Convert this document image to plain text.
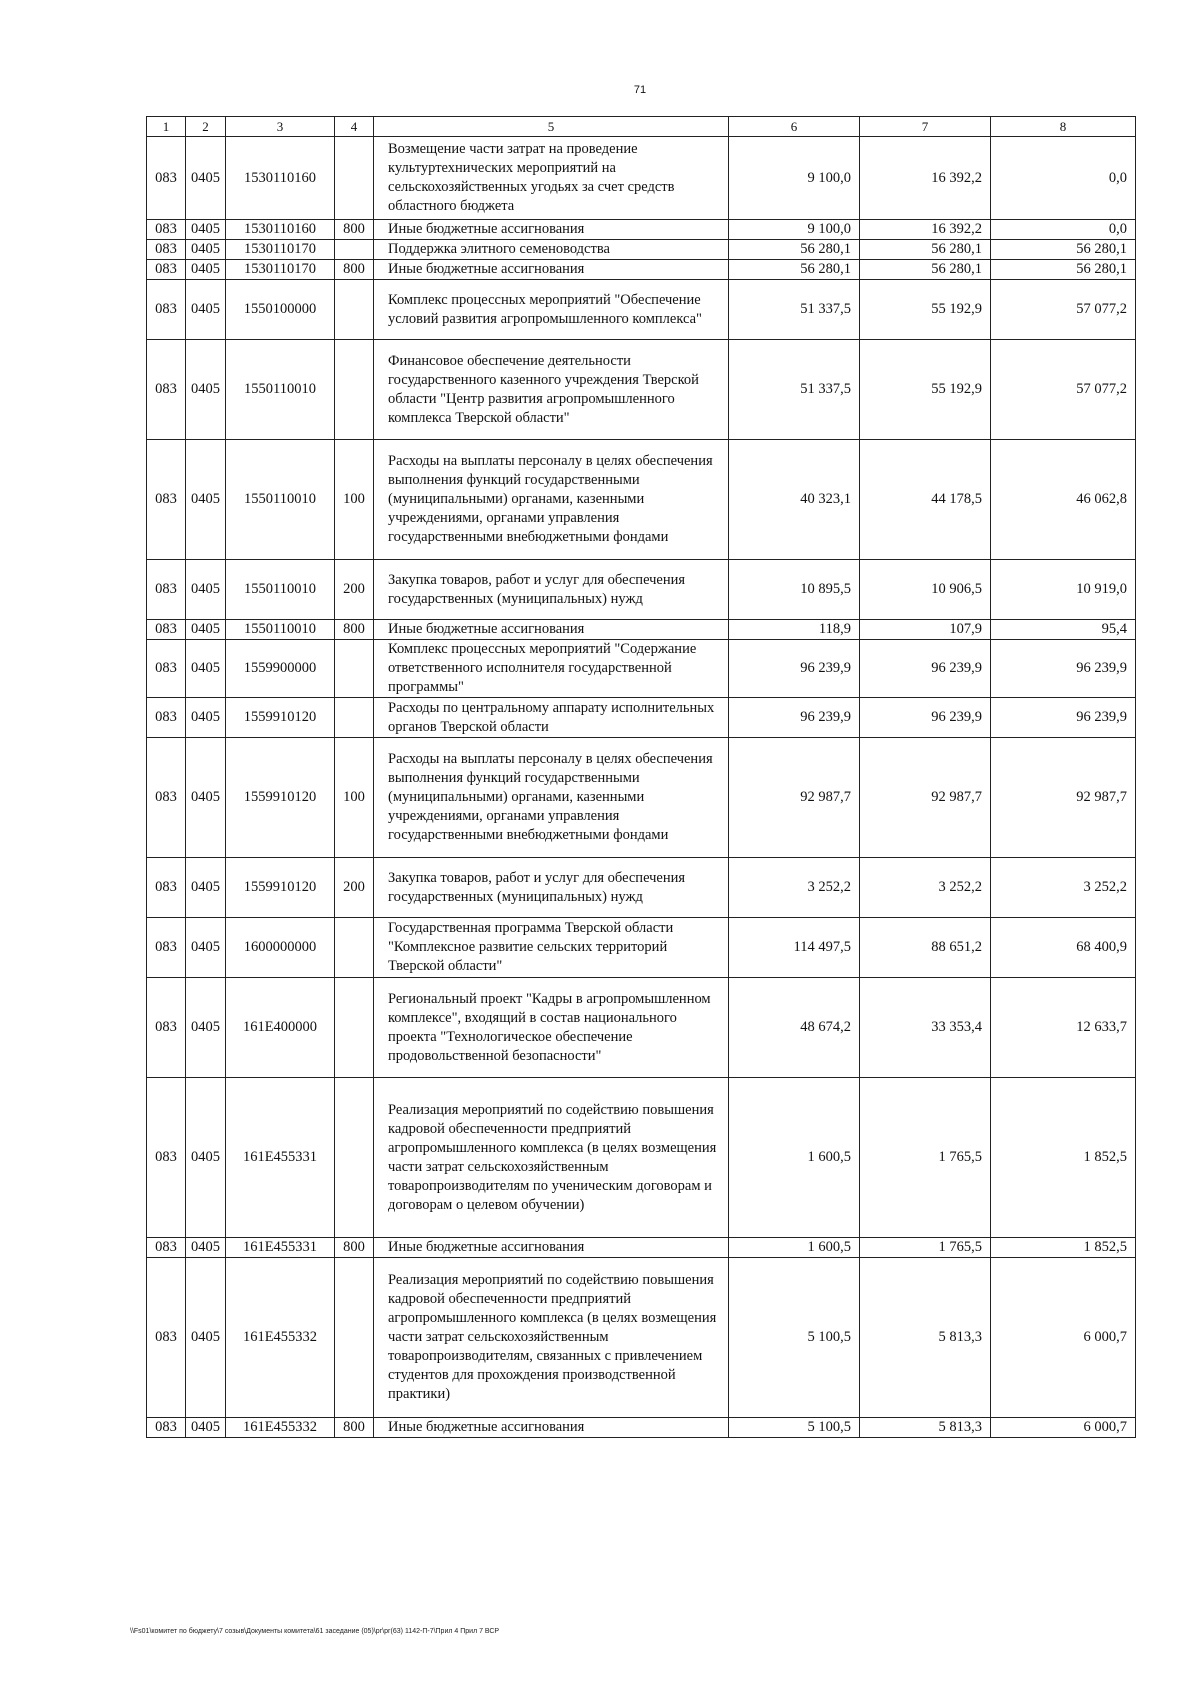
71
1	2	3	4	5	6	7	8
083	0405	1530110160		Возмещение части затрат на проведение культуртехнических мероприятий на сельскохозяйственных угодьях за счет средств областного бюджета	9 100,0	16 392,2	0,0
083	0405	1530110160	800	Иные бюджетные ассигнования	9 100,0	16 392,2	0,0
083	0405	1530110170		Поддержка элитного семеноводства	56 280,1	56 280,1	56 280,1
083	0405	1530110170	800	Иные бюджетные ассигнования	56 280,1	56 280,1	56 280,1
083	0405	1550100000		Комплекс процессных мероприятий "Обеспечение условий развития агропромышленного комплекса"	51 337,5	55 192,9	57 077,2
083	0405	1550110010		Финансовое обеспечение деятельности государственного казенного учреждения Тверской области "Центр развития агропромышленного комплекса Тверской области"	51 337,5	55 192,9	57 077,2
083	0405	1550110010	100	Расходы на выплаты персоналу в целях обеспечения выполнения функций государственными (муниципальными) органами, казенными учреждениями, органами управления государственными внебюджетными фондами	40 323,1	44 178,5	46 062,8
083	0405	1550110010	200	Закупка товаров, работ и услуг для обеспечения государственных (муниципальных) нужд	10 895,5	10 906,5	10 919,0
083	0405	1550110010	800	Иные бюджетные ассигнования	118,9	107,9	95,4
083	0405	1559900000		Комплекс процессных мероприятий "Содержание ответственного исполнителя государственной программы"	96 239,9	96 239,9	96 239,9
083	0405	1559910120		Расходы по центральному аппарату исполнительных органов Тверской области	96 239,9	96 239,9	96 239,9
083	0405	1559910120	100	Расходы на выплаты персоналу в целях обеспечения выполнения функций государственными (муниципальными) органами, казенными учреждениями, органами управления государственными внебюджетными фондами	92 987,7	92 987,7	92 987,7
083	0405	1559910120	200	Закупка товаров, работ и услуг для обеспечения государственных (муниципальных) нужд	3 252,2	3 252,2	3 252,2
083	0405	1600000000		Государственная программа Тверской области "Комплексное развитие сельских территорий Тверской области"	114 497,5	88 651,2	68 400,9
083	0405	161E400000		Региональный проект "Кадры в агропромышленном комплексе", входящий в состав национального проекта "Технологическое обеспечение продовольственной безопасности"	48 674,2	33 353,4	12 633,7
083	0405	161E455331		Реализация мероприятий по содействию повышения кадровой обеспеченности предприятий агропромышленного комплекса (в целях возмещения части затрат сельскохозяйственным товаропроизводителям по ученическим договорам и договорам о целевом обучении)	1 600,5	1 765,5	1 852,5
083	0405	161E455331	800	Иные бюджетные ассигнования	1 600,5	1 765,5	1 852,5
083	0405	161E455332		Реализация мероприятий по содействию повышения кадровой обеспеченности предприятий агропромышленного комплекса (в целях возмещения части затрат сельскохозяйственным товаропроизводителям, связанных с привлечением студентов для прохождения производственной практики)	5 100,5	5 813,3	6 000,7
083	0405	161E455332	800	Иные бюджетные ассигнования	5 100,5	5 813,3	6 000,7
\\Fs01\комитет по бюджету\7 созыв\Документы комитета\61 заседание (05)\рг\рг(63) 1142-П-7\Прил 4 Прил 7 ВСР
